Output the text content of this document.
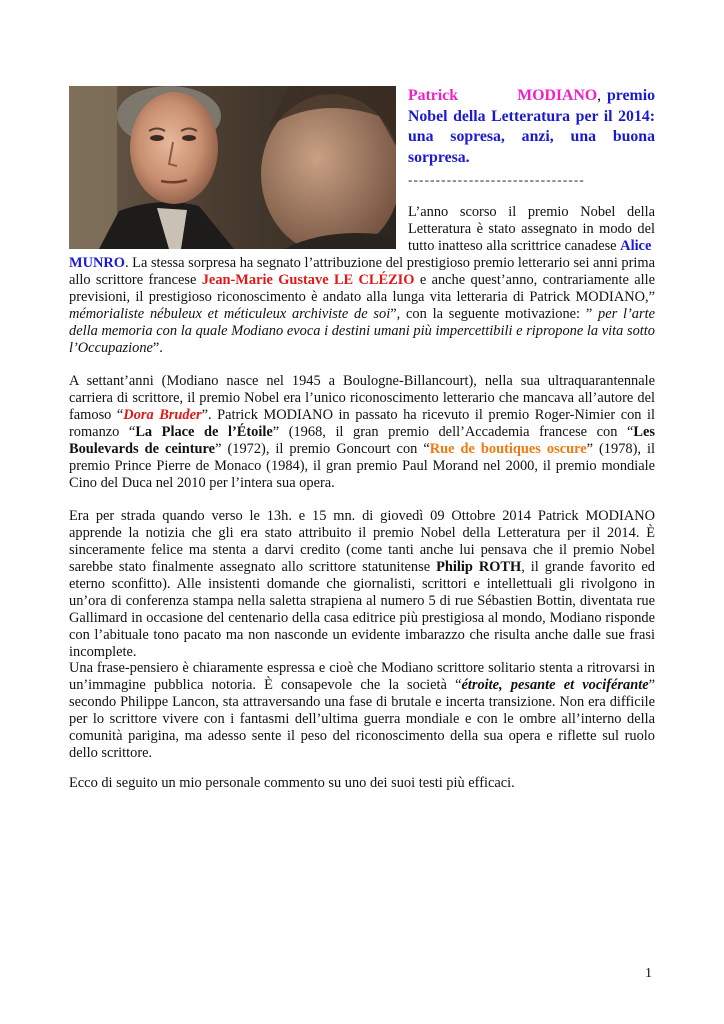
Patrick	MODIANO, premio Nobel della Letteratura per il 2014: una sopresa, anzi, una buona sorpresa.
--------------------------------

L’anno scorso il premio Nobel della Letteratura è stato assegnato in modo del tutto inatteso alla scrittrice canadese Alice

MUNRO. La stessa sorpresa ha segnato l’attribuzione del prestigioso premio letterario sei anni prima allo scrittore francese Jean-Marie Gustave LE CLÉZIO e anche quest’anno, contrariamente alle previsioni, il prestigioso riconoscimento è andato alla lunga vita letteraria di Patrick MODIANO,” mémorialiste nébuleux et méticuleux archiviste de soi”, con la seguente motivazione: ” per l’arte della memoria con la quale Modiano evoca i destini umani più impercettibili e ripropone la vita sotto l’Occupazione”.

A settant’anni (Modiano nasce nel 1945 a Boulogne-Billancourt), nella sua ultraquarantennale carriera di scrittore, il premio Nobel era l’unico riconoscimento letterario che mancava all’autore del famoso “Dora Bruder”. Patrick MODIANO in passato ha ricevuto il premio Roger-Nimier con il romanzo “La Place de l’Étoile” (1968, il gran premio dell’Accademia francese con “Les Boulevards de ceinture” (1972), il premio Goncourt con “Rue de boutiques oscure” (1978), il premio Prince Pierre de Monaco (1984), il gran premio Paul Morand nel 2000, il premio mondiale Cino del Duca nel 2010 per l’intera sua opera.

Era per strada quando verso le 13h. e 15 mn. di giovedì 09 Ottobre 2014 Patrick MODIANO apprende la notizia che gli era stato attribuito il premio Nobel della Letteratura per il 2014. È sinceramente felice ma stenta a darvi credito (come tanti anche lui pensava che il premio Nobel sarebbe stato finalmente assegnato allo scrittore statunitense Philip ROTH, il grande favorito ed eterno sconfitto). Alle insistenti domande che giornalisti, scrittori e intellettuali gli rivolgono in un’ora di conferenza stampa nella saletta strapiena al numero 5 di rue Sébastien Bottin, diventata rue Gallimard in occasione del centenario della casa editrice più prestigiosa al mondo, Modiano risponde con l’abituale tono pacato ma non nasconde un evidente imbarazzo che risulta anche dalle sue frasi incomplete.

Una frase-pensiero è chiaramente espressa e cioè che Modiano scrittore solitario stenta a ritrovarsi in un’immagine pubblica notoria. È consapevole che la società “étroite, pesante et vociférante” secondo Philippe Lancon, sta attraversando una fase di brutale e incerta transizione. Non era difficile per lo scrittore vivere con i fantasmi dell’ultima guerra mondiale e con le ombre all’interno della comunità parigina, ma adesso sente il peso del riconoscimento della sua opera e riflette sul ruolo dello scrittore.

Ecco di seguito un mio personale commento su uno dei suoi testi più efficaci.

1
